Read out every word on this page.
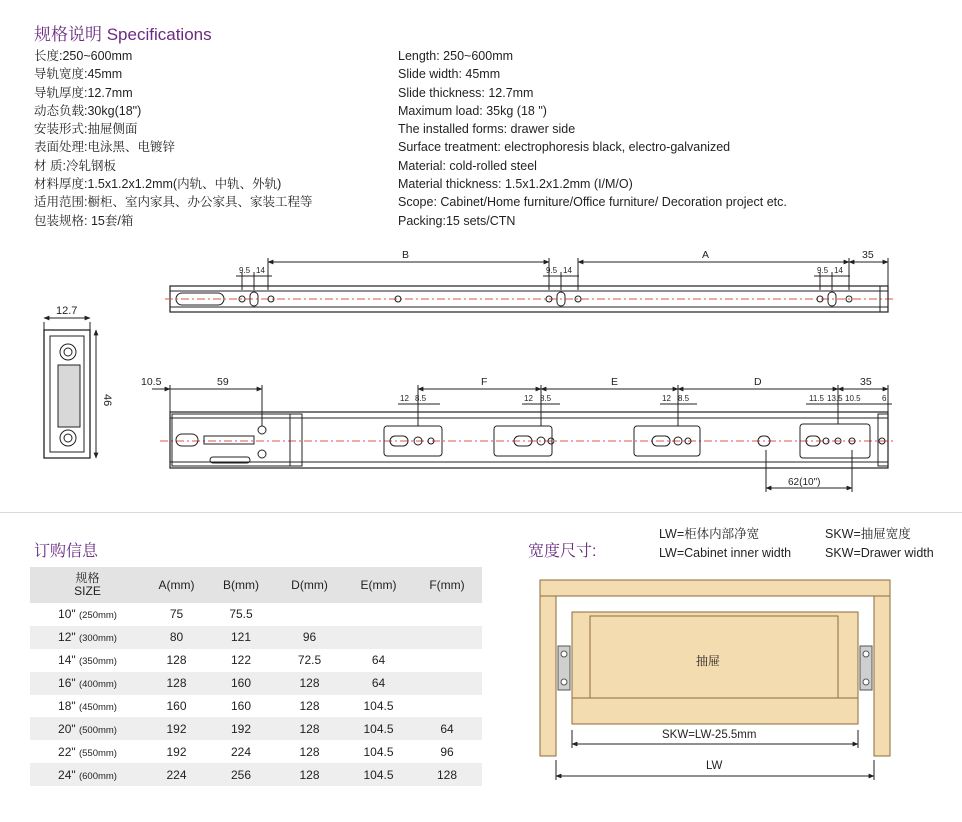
规格说明 Specifications
长度:250~600mm
导轨宽度:45mm
导轨厚度:12.7mm
动态负载:30kg(18")
安装形式:抽屉侧面
表面处理:电泳黑、电镀锌
材 质:冷轧钢板
材料厚度:1.5x1.2x1.2mm(内轨、中轨、外轨)
适用范围:橱柜、室内家具、办公家具、家装工程等
包装规格: 15套/箱
Length: 250~600mm
Slide width: 45mm
Slide thickness: 12.7mm
Maximum load: 35kg (18 ")
The installed forms: drawer side
Surface treatment: electrophoresis black, electro-galvanized
Material: cold-rolled steel
Material thickness: 1.5x1.2x1.2mm (I/M/O)
Scope: Cabinet/Home furniture/Office furniture/ Decoration project etc.
Packing:15 sets/CTN
12.7
46
B	A	35
9.5 14	9.5 14	9.5 14
10.5	59	F	E	D	35
12 8.5	12 8.5	12 8.5	11.5 13.5 10.5	6
62(10")
订购信息
规格
SIZE	A(mm)	B(mm)	D(mm)	E(mm)	F(mm)
10" (250mm)	75	75.5			
12" (300mm)	80	121	96		
14" (350mm)	128	122	72.5	64	
16" (400mm)	128	160	128	64	
18" (450mm)	160	160	128	104.5	
20" (500mm)	192	192	128	104.5	64
22" (550mm)	192	224	128	104.5	96
24" (600mm)	224	256	128	104.5	128
宽度尺寸:
LW=柜体内部净宽
LW=Cabinet inner width
SKW=抽屉宽度
SKW=Drawer width
抽屉
SKW=LW-25.5mm
LW
